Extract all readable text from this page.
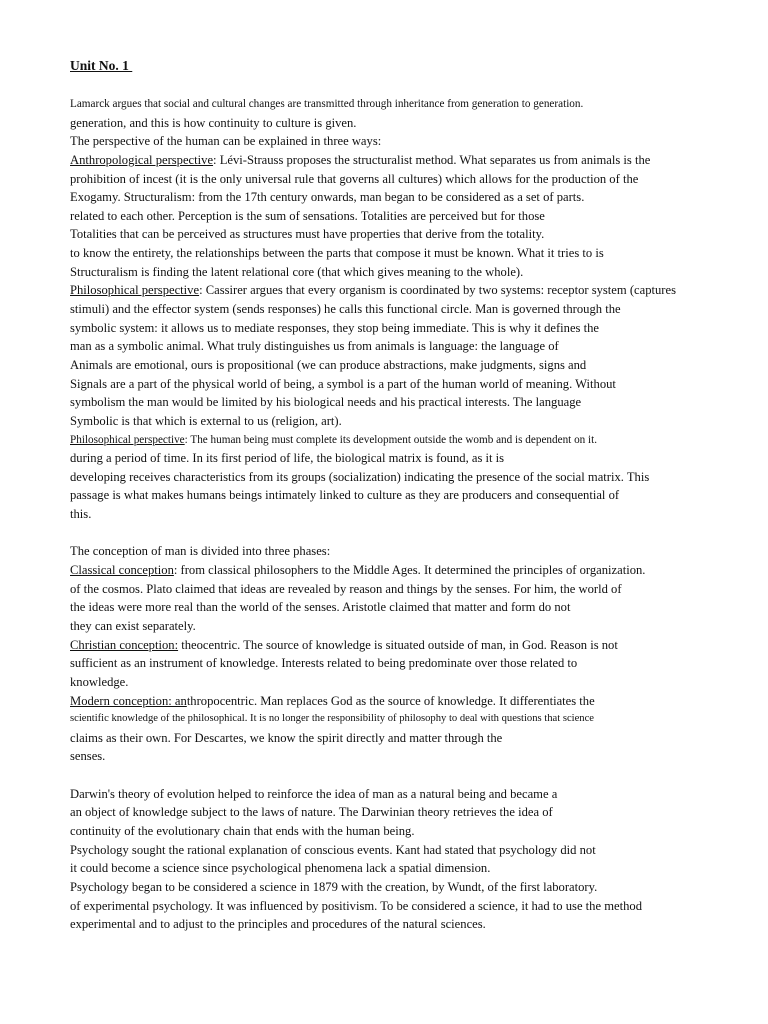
Unit No. 1
Lamarck argues that social and cultural changes are transmitted through inheritance from generation to generation.
generation, and this is how continuity to culture is given.
The perspective of the human can be explained in three ways:
Anthropological perspective: Lévi-Strauss proposes the structuralist method. What separates us from animals is the
prohibition of incest (it is the only universal rule that governs all cultures) which allows for the production of the
Exogamy. Structuralism: from the 17th century onwards, man began to be considered as a set of parts.
related to each other. Perception is the sum of sensations. Totalities are perceived but for those
Totalities that can be perceived as structures must have properties that derive from the totality.
to know the entirety, the relationships between the parts that compose it must be known. What it tries to is
Structuralism is finding the latent relational core (that which gives meaning to the whole).
Philosophical perspective: Cassirer argues that every organism is coordinated by two systems: receptor system (captures
stimuli) and the effector system (sends responses) he calls this functional circle. Man is governed through the
symbolic system: it allows us to mediate responses, they stop being immediate. This is why it defines the
man as a symbolic animal. What truly distinguishes us from animals is language: the language of
Animals are emotional, ours is propositional (we can produce abstractions, make judgments, signs and
Signals are a part of the physical world of being, a symbol is a part of the human world of meaning. Without
symbolism the man would be limited by his biological needs and his practical interests. The language
Symbolic is that which is external to us (religion, art).
Philosophical perspective: The human being must complete its development outside the womb and is dependent on it.
during a period of time. In its first period of life, the biological matrix is found, as it is
developing receives characteristics from its groups (socialization) indicating the presence of the social matrix. This
passage is what makes humans beings intimately linked to culture as they are producers and consequential of
this.
The conception of man is divided into three phases:
Classical conception: from classical philosophers to the Middle Ages. It determined the principles of organization.
of the cosmos. Plato claimed that ideas are revealed by reason and things by the senses. For him, the world of
the ideas were more real than the world of the senses. Aristotle claimed that matter and form do not
they can exist separately.
Christian conception: theocentric. The source of knowledge is situated outside of man, in God. Reason is not
sufficient as an instrument of knowledge. Interests related to being predominate over those related to
knowledge.
Modern conception: anthropocentric. Man replaces God as the source of knowledge. It differentiates the
scientific knowledge of the philosophical. It is no longer the responsibility of philosophy to deal with questions that science
claims as their own. For Descartes, we know the spirit directly and matter through the
senses.
Darwin's theory of evolution helped to reinforce the idea of man as a natural being and became a
an object of knowledge subject to the laws of nature. The Darwinian theory retrieves the idea of
continuity of the evolutionary chain that ends with the human being.
Psychology sought the rational explanation of conscious events. Kant had stated that psychology did not
it could become a science since psychological phenomena lack a spatial dimension.
Psychology began to be considered a science in 1879 with the creation, by Wundt, of the first laboratory.
of experimental psychology. It was influenced by positivism. To be considered a science, it had to use the method
experimental and to adjust to the principles and procedures of the natural sciences.
